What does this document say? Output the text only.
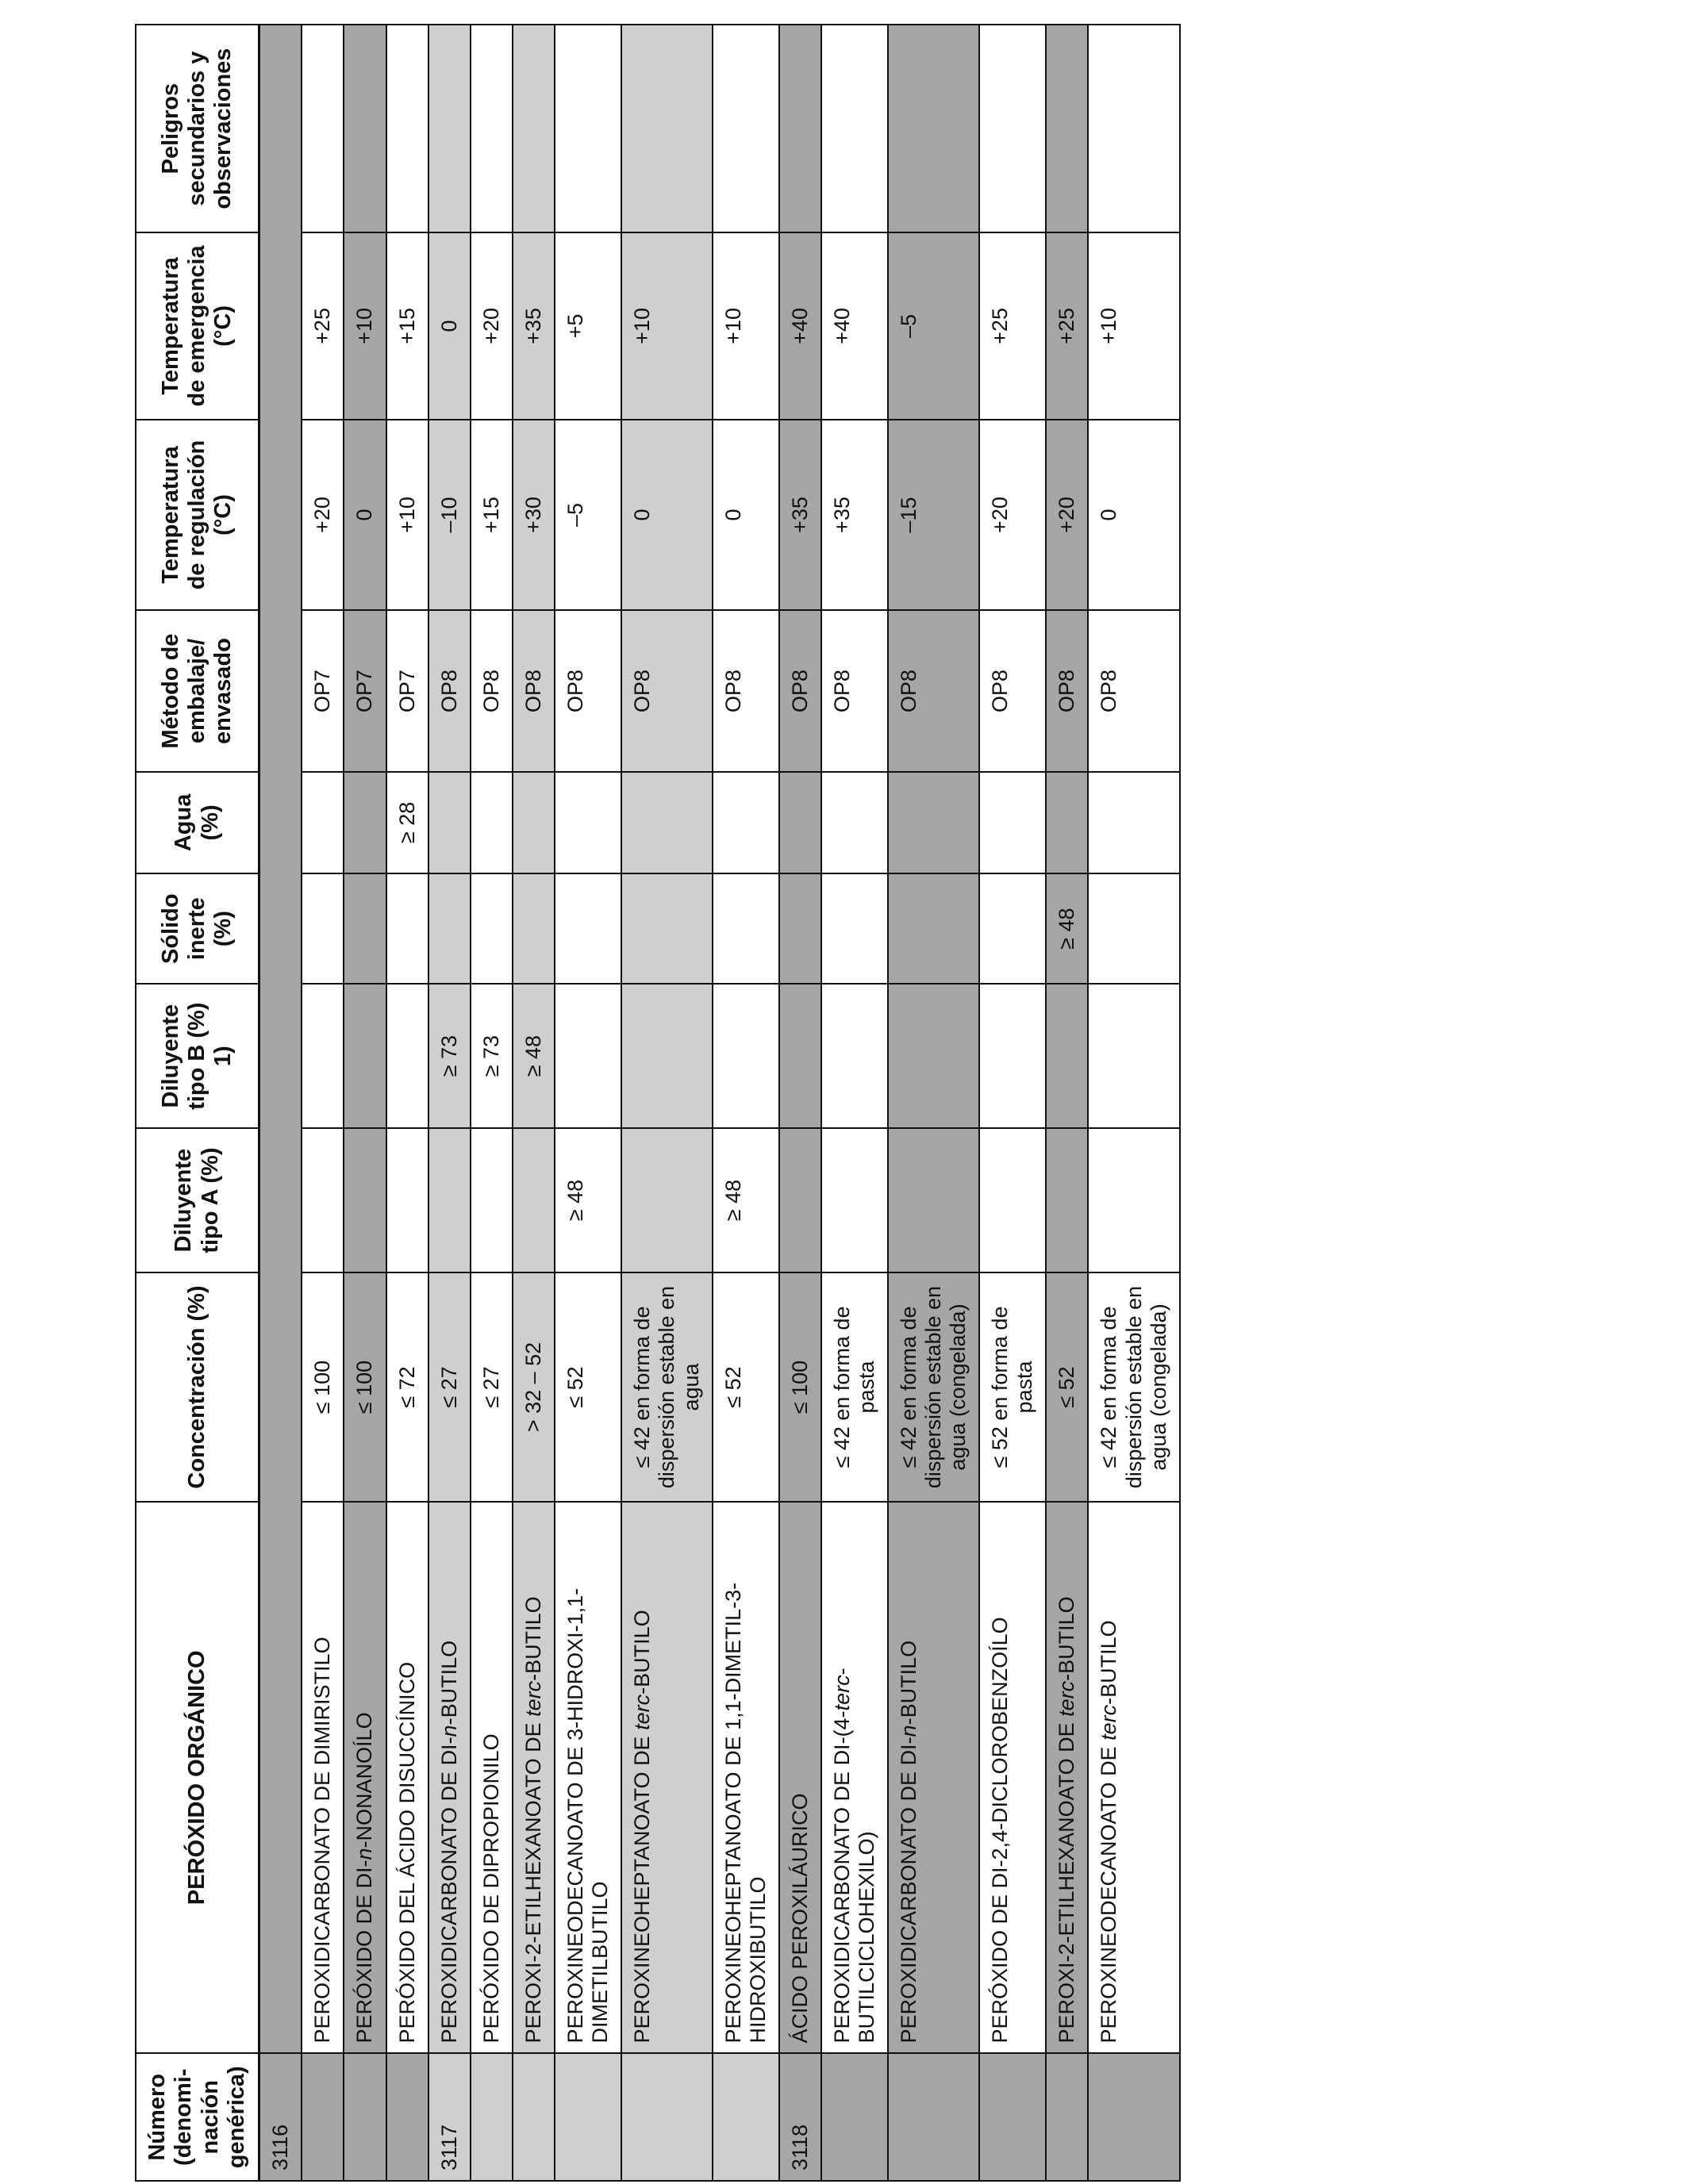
Número (denomi-nación genérica)	PERÓXIDO ORGÁNICO	Concentración (%)	Diluyente tipo A (%)	Diluyente tipo B (%) 1)	Sólido inerte (%)	Agua (%)	Método de embalaje/ envasado	Temperatura de regulación (°C)	Temperatura de emergencia (°C)	Peligros secundarios y observaciones
3116										
	PEROXIDICARBONATO DE DIMIRISTILO	≤ 100					OP7	+20	+25	
	PERÓXIDO DE DI-n-NONANOÍLO	≤ 100					OP7	0	+10	
	PERÓXIDO DEL ÁCIDO DISUCCÍNICO	≤ 72				≥ 28	OP7	+10	+15	
3117	PEROXIDICARBONATO DE DI-n-BUTILO	≤ 27		≥ 73			OP8	–10	0	
	PERÓXIDO DE DIPROPIONILO	≤ 27		≥ 73			OP8	+15	+20	
	PEROXI-2-ETILHEXANOATO DE terc-BUTILO	> 32 – 52		≥ 48			OP8	+30	+35	
	PEROXINEODECANOATO DE 3-HIDROXI-1,1-DIMETILBUTILO	≤ 52	≥ 48				OP8	–5	+5	
	PEROXINEOHEPTANOATO DE terc-BUTILO	≤ 42 en forma de dispersión estable en agua					OP8	0	+10	
	PEROXINEOHEPTANOATO DE 1,1-DIMETIL-3-HIDROXIBUTILO	≤ 52	≥ 48				OP8	0	+10	
3118	ÁCIDO PEROXILÁURICO	≤ 100					OP8	+35	+40	
	PEROXIDICARBONATO DE DI-(4-terc-BUTILCICLOHEXILO)	≤ 42 en forma de pasta					OP8	+35	+40	
	PEROXIDICARBONATO DE DI-n-BUTILO	≤ 42 en forma de dispersión estable en agua (congelada)					OP8	–15	–5	
	PERÓXIDO DE DI-2,4-DICLOROBENZOÍLO	≤ 52 en forma de pasta					OP8	+20	+25	
	PEROXI-2-ETILHEXANOATO DE terc-BUTILO	≤ 52			≥ 48		OP8	+20	+25	
	PEROXINEODECANOATO DE terc-BUTILO	≤ 42 en forma de dispersión estable en agua (congelada)					OP8	0	+10	
